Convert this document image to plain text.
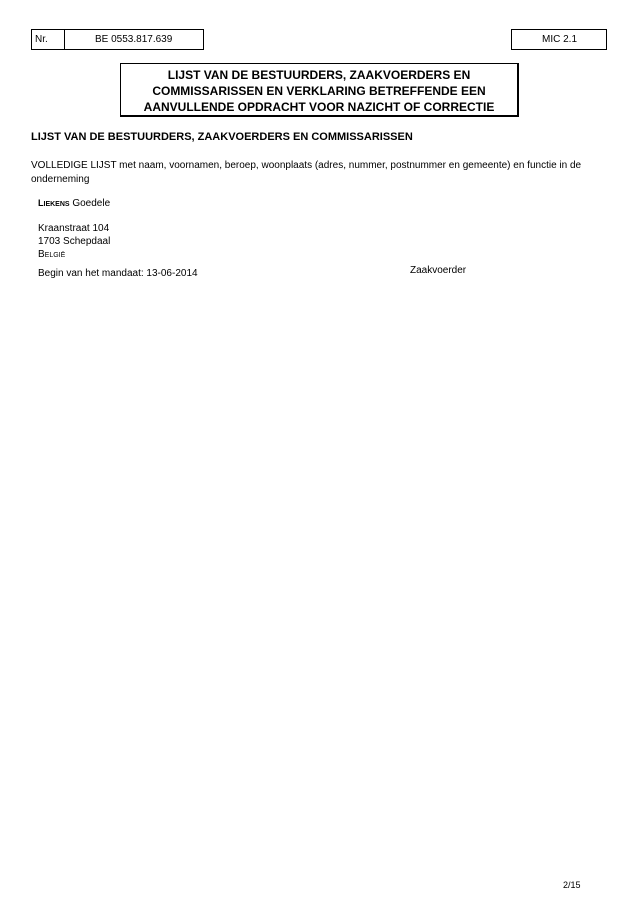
Nr.	BE 0553.817.639	MIC 2.1
LIJST VAN DE BESTUURDERS, ZAAKVOERDERS EN
COMMISSARISSEN EN VERKLARING BETREFFENDE EEN
AANVULLENDE OPDRACHT VOOR NAZICHT OF CORRECTIE
LIJST VAN DE BESTUURDERS, ZAAKVOERDERS EN COMMISSARISSEN
VOLLEDIGE LIJST met naam, voornamen, beroep, woonplaats (adres, nummer, postnummer en gemeente) en functie in de onderneming
LIEKENS Goedele
Kraanstraat 104
1703 Schepdaal
BELGIË
Begin van het mandaat: 13-06-2014	Zaakvoerder
2/15
